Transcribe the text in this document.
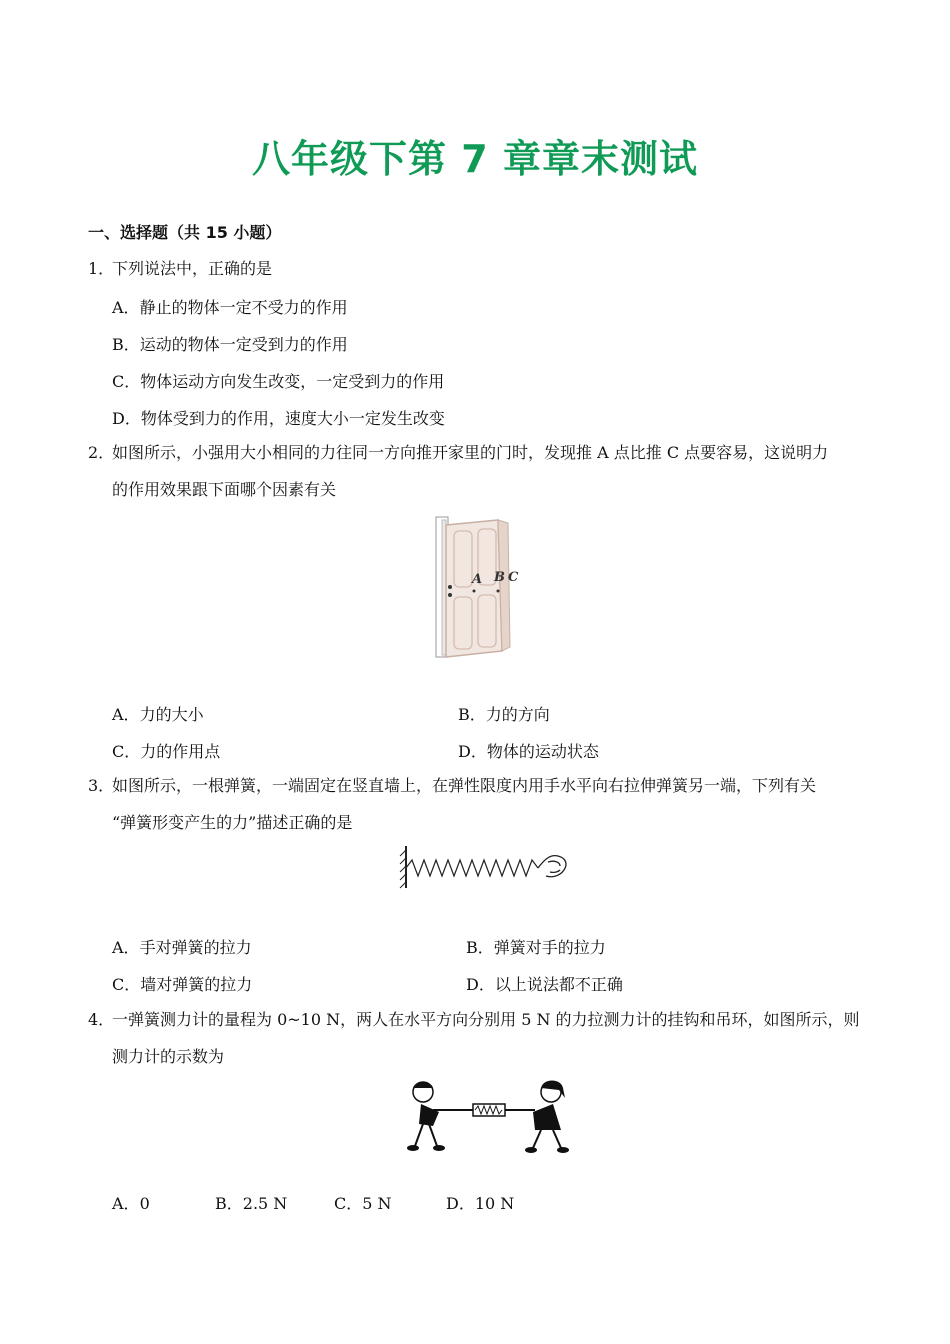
八年级下第 7 章章末测试
一、选择题（共 15 小题）
1．
下列说法中，正确的是
A．静止的物体一定不受力的作用
B．运动的物体一定受到力的作用
C．物体运动方向发生改变，一定受到力的作用
D．物体受到力的作用，速度大小一定发生改变
2．
如图所示，小强用大小相同的力往同一方向推开家里的门时，发现推 A 点比推 C 点要容易，这说明力
的作用效果跟下面哪个因素有关
A B C
A．力的大小	B．力的方向
C．力的作用点	D．物体的运动状态
3．
如图所示，一根弹簧，一端固定在竖直墙上，在弹性限度内用手水平向右拉伸弹簧另一端，下列有关
“弹簧形变产生的力”描述正确的是
A．手对弹簧的拉力	B．弹簧对手的拉力
C．墙对弹簧的拉力	D．以上说法都不正确
4．
一弹簧测力计的量程为 0~10 N，两人在水平方向分别用 5 N 的力拉测力计的挂钩和吊环，如图所示，则
测力计的示数为
A．0	B．2.5 N	C．5 N	D．10 N
